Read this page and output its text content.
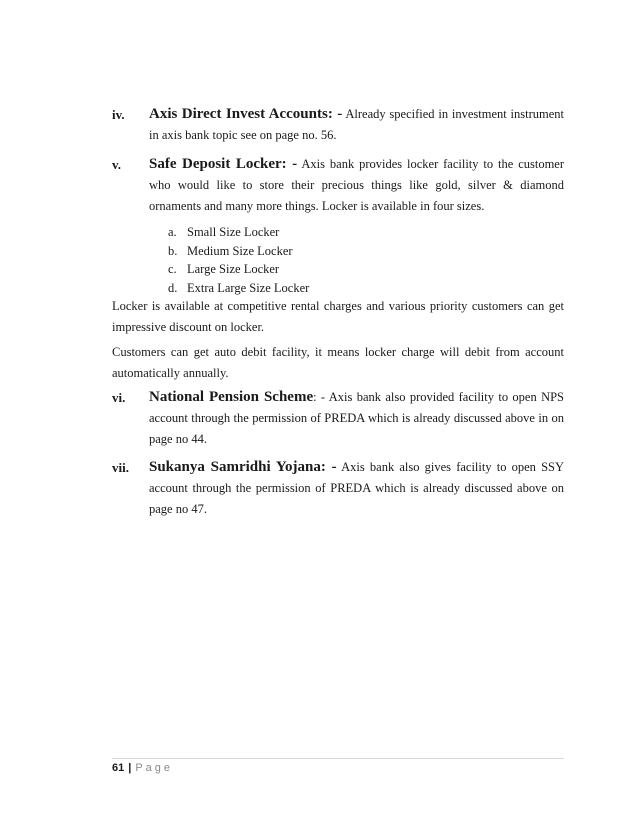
iv.	Axis Direct Invest Accounts: - Already specified in investment instrument in axis bank topic see on page no. 56.
v.	Safe Deposit Locker: - Axis bank provides locker facility to the customer who would like to store their precious things like gold, silver & diamond ornaments and many more things. Locker is available in four sizes.
a. Small Size Locker
b. Medium Size Locker
c. Large Size Locker
d. Extra Large Size Locker

Locker is available at competitive rental charges and various priority customers can get impressive discount on locker.

Customers can get auto debit facility, it means locker charge will debit from account automatically annually.

vi.	National Pension Scheme: - Axis bank also provided facility to open NPS account through the permission of PREDA which is already discussed above in on page no 44.
vii.	Sukanya Samridhi Yojana: - Axis bank also gives facility to open SSY account through the permission of PREDA which is already discussed above on page no 47.
61 | Page
